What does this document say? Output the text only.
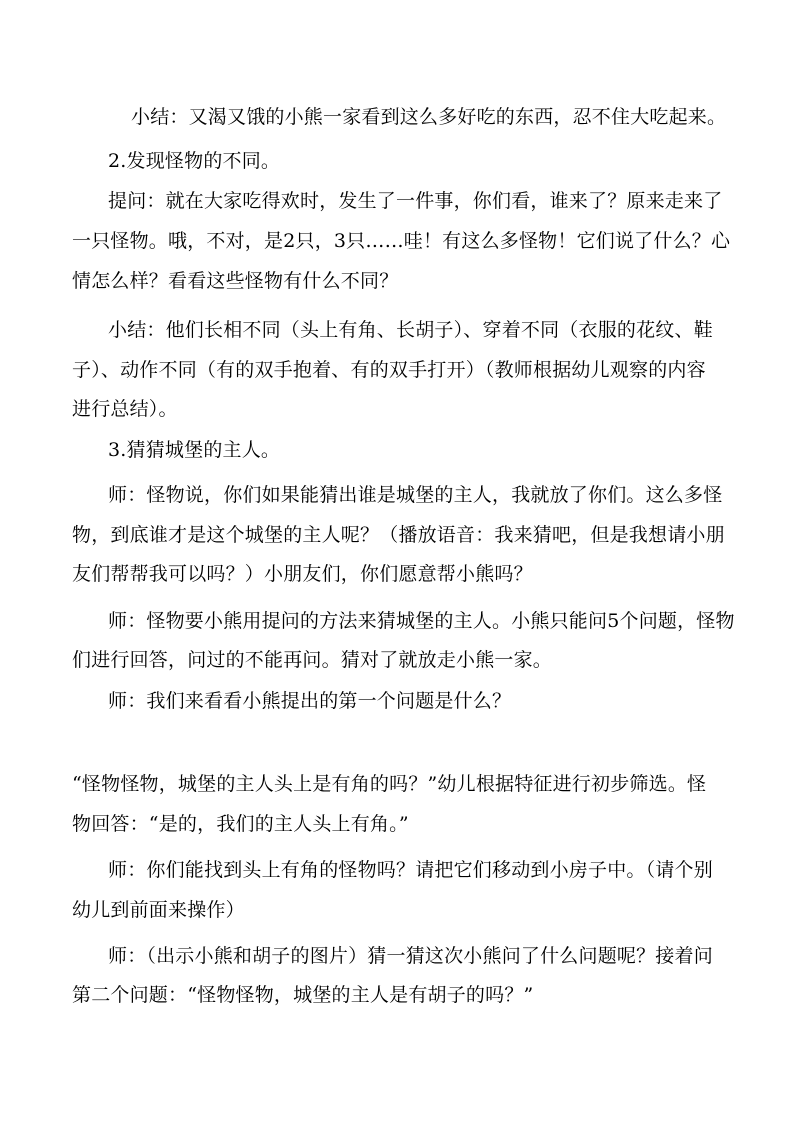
小结：又渴又饿的小熊一家看到这么多好吃的东西，忍不住大吃起来。
2.发现怪物的不同。
提问：就在大家吃得欢时，发生了一件事，你们看，谁来了？原来走来了
一只怪物。哦，不对，是2只，3只……哇！有这么多怪物！它们说了什么？心
情怎么样？看看这些怪物有什么不同？
小结：他们长相不同（头上有角、长胡子）、穿着不同（衣服的花纹、鞋
子）、动作不同（有的双手抱着、有的双手打开）（教师根据幼儿观察的内容
进行总结）。
3.猜猜城堡的主人。
师：怪物说，你们如果能猜出谁是城堡的主人，我就放了你们。这么多怪
物，到底谁才是这个城堡的主人呢？（播放语音：我来猜吧，但是我想请小朋
友们帮帮我可以吗？）小朋友们，你们愿意帮小熊吗？
师：怪物要小熊用提问的方法来猜城堡的主人。小熊只能问5个问题，怪物
们进行回答，问过的不能再问。猜对了就放走小熊一家。
师：我们来看看小熊提出的第一个问题是什么？
“怪物怪物，城堡的主人头上是有角的吗？”幼儿根据特征进行初步筛选。怪
物回答：“是的，我们的主人头上有角。”
师：你们能找到头上有角的怪物吗？请把它们移动到小房子中。（请个别
幼儿到前面来操作）
师：（出示小熊和胡子的图片）猜一猜这次小熊问了什么问题呢？接着问
第二个问题：“怪物怪物，城堡的主人是有胡子的吗？”
